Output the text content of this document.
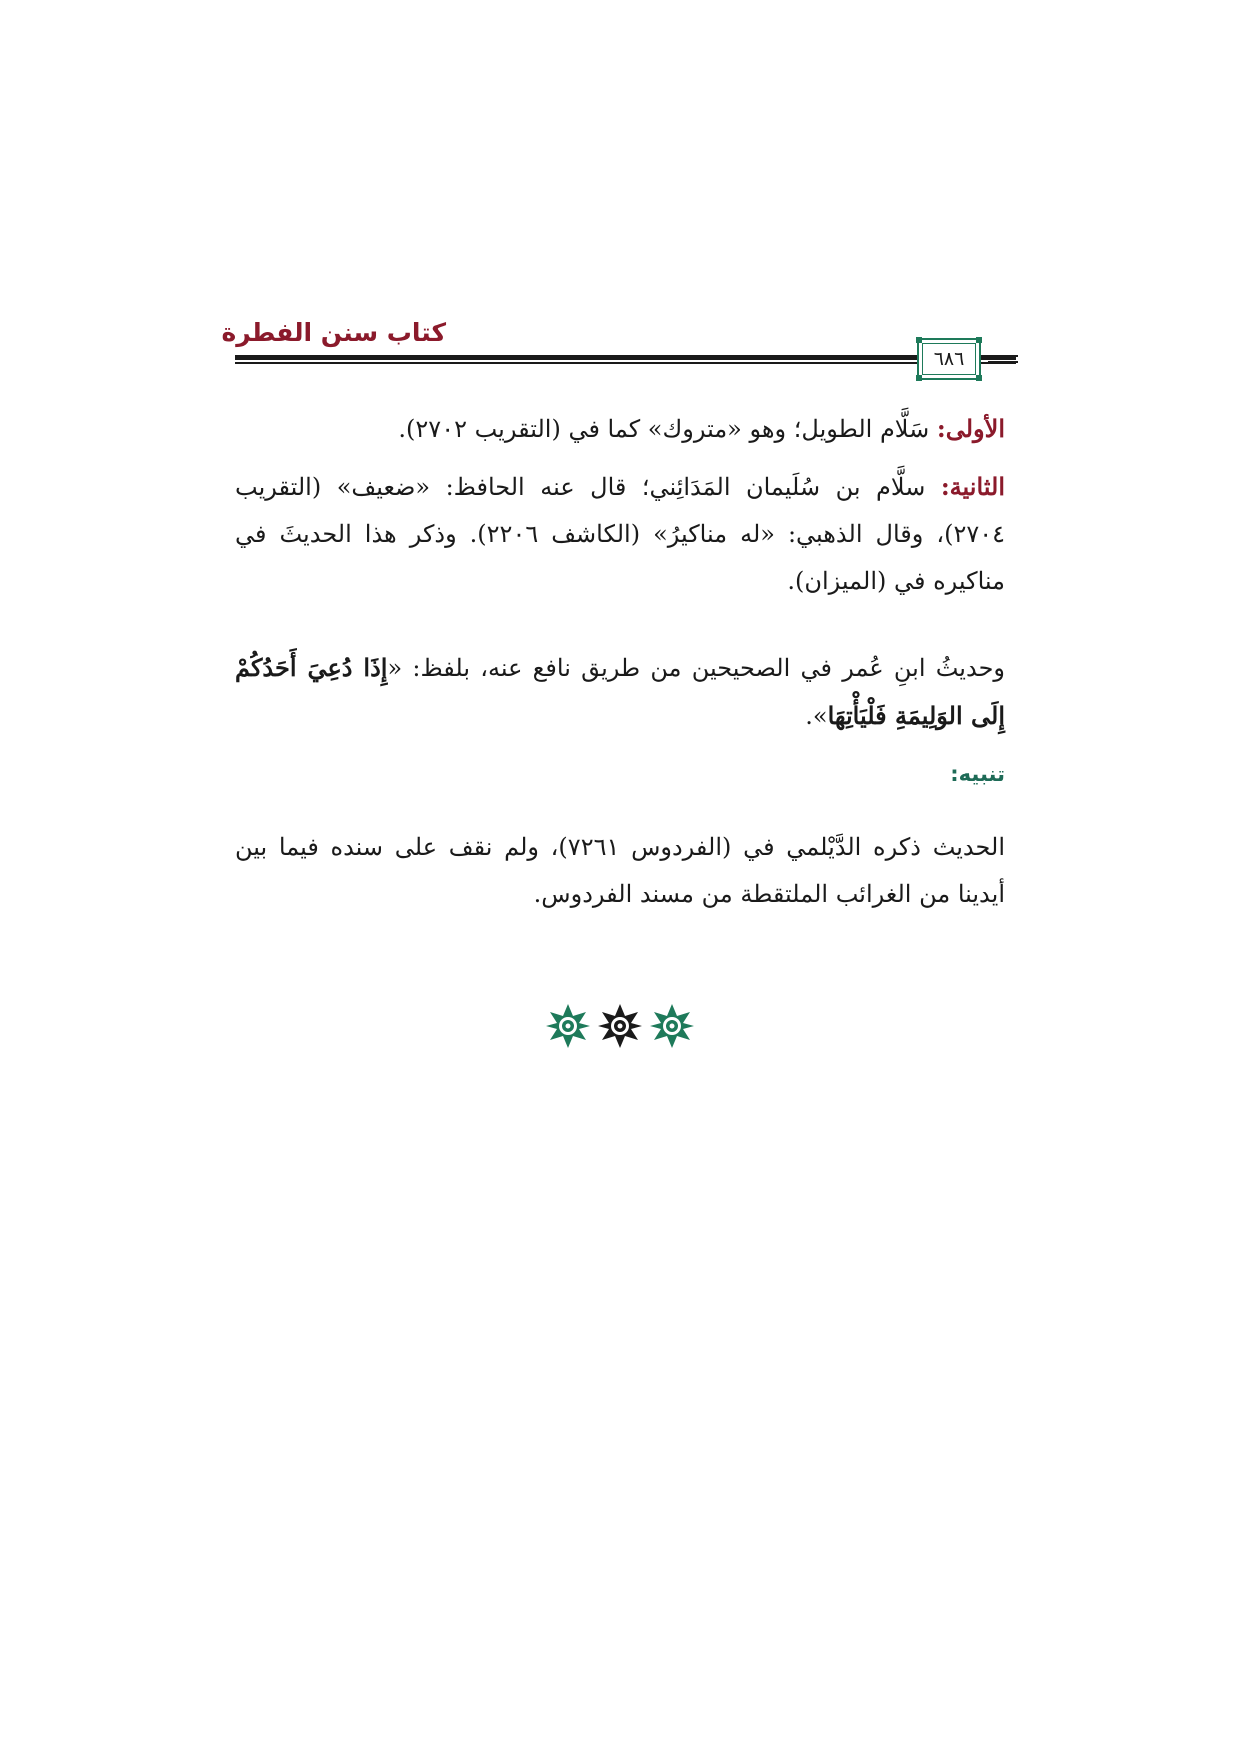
كتاب سنن الفطرة
٦٨٦
الأولى: سَلَّام الطويل؛ وهو «متروك» كما في (التقريب ٢٧٠٢).
الثانية: سلَّام بن سُلَيمان المَدَائِني؛ قال عنه الحافظ: «ضعيف» (التقريب ٢٧٠٤)، وقال الذهبي: «له مناكيرُ» (الكاشف ٢٢٠٦). وذكر هذا الحديثَ في مناكيره في (الميزان).
وحديثُ ابنِ عُمر في الصحيحين من طريق نافع عنه، بلفظ: «إِذَا دُعِيَ أَحَدُكُمْ إِلَى الوَلِيمَةِ فَلْيَأْتِهَا».
تنبيه:
الحديث ذكره الدَّيْلمي في (الفردوس ٧٢٦١)، ولم نقف على سنده فيما بين أيدينا من الغرائب الملتقطة من مسند الفردوس.
